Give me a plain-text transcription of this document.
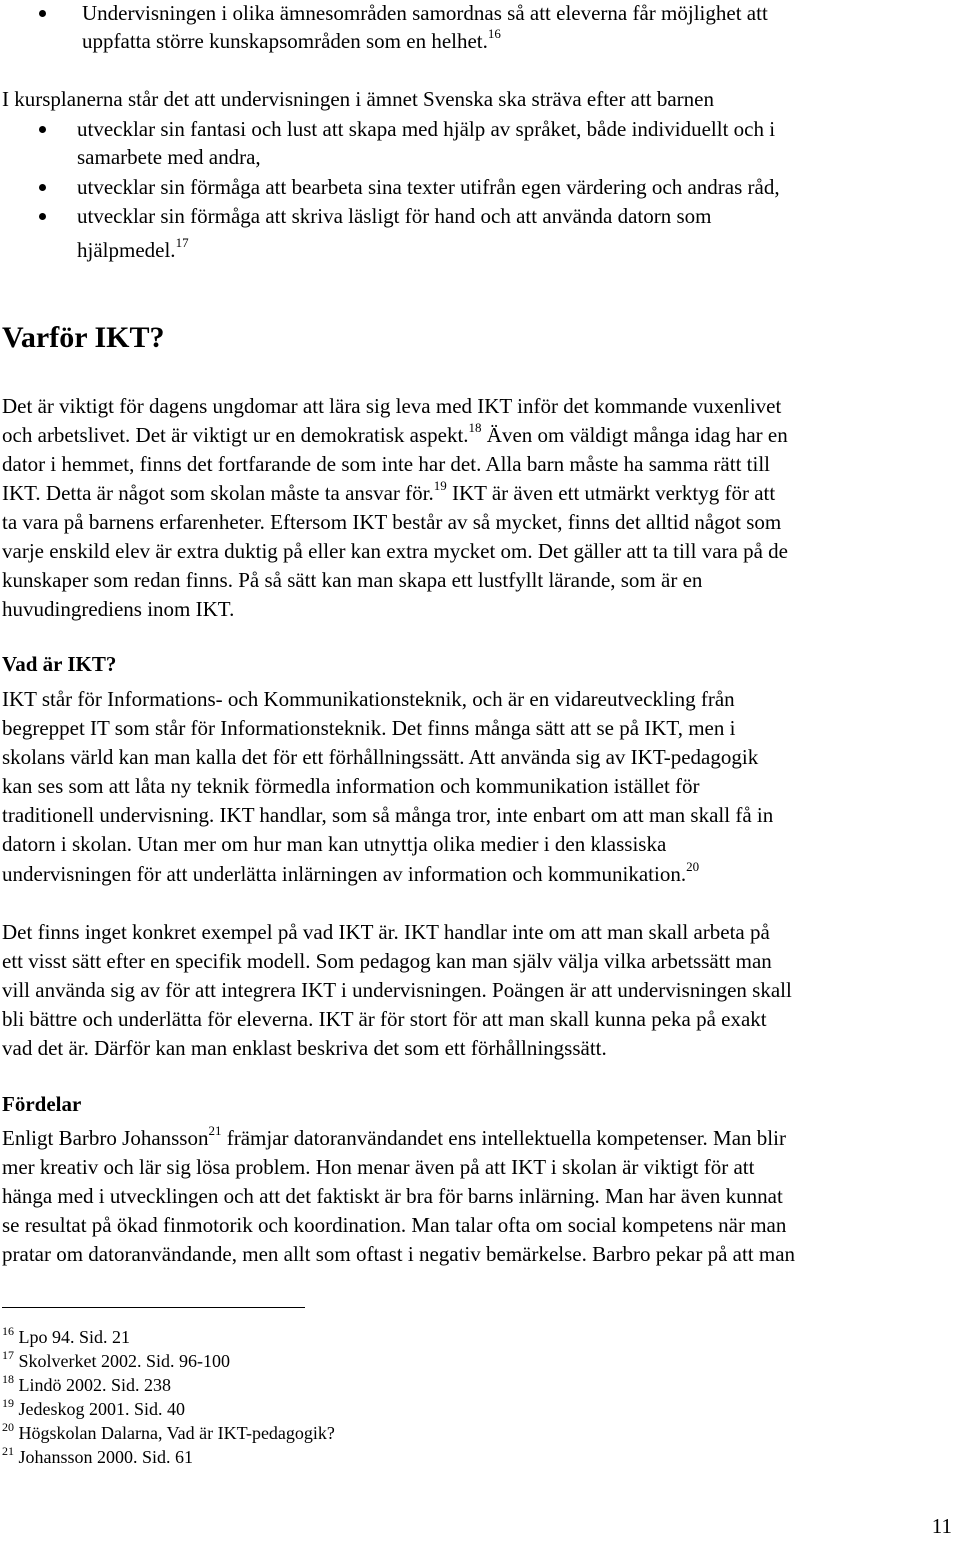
Undervisningen i olika ämnesområden samordnas så att eleverna får möjlighet att
uppfatta större kunskapsområden som en helhet.$^{16}$
I kursplanerna står det att undervisningen i ämnet Svenska ska sträva efter att barnen
utvecklar sin fantasi och lust att skapa med hjälp av språket, både individuellt och i
samarbete med andra,
utvecklar sin förmåga att bearbeta sina texter utifrån egen värdering och andras råd,
utvecklar sin förmåga att skriva läsligt för hand och att använda datorn som
hjälpmedel.$^{17}$
Varför IKT?
Det är viktigt för dagens ungdomar att lära sig leva med IKT inför det kommande vuxenlivet
och arbetslivet. Det är viktigt ur en demokratisk aspekt.$^{18}$ Även om väldigt många idag har en
dator i hemmet, finns det fortfarande de som inte har det. Alla barn måste ha samma rätt till
IKT. Detta är något som skolan måste ta ansvar för.$^{19}$ IKT är även ett utmärkt verktyg för att
ta vara på barnens erfarenheter. Eftersom IKT består av så mycket, finns det alltid något som
varje enskild elev är extra duktig på eller kan extra mycket om. Det gäller att ta till vara på de
kunskaper som redan finns. På så sätt kan man skapa ett lustfyllt lärande, som är en
huvudingrediens inom IKT.
Vad är IKT?
IKT står för Informations- och Kommunikationsteknik, och är en vidareutveckling från
begreppet IT som står för Informationsteknik. Det finns många sätt att se på IKT, men i
skolans värld kan man kalla det för ett förhållningssätt. Att använda sig av IKT-pedagogik
kan ses som att låta ny teknik förmedla information och kommunikation istället för
traditionell undervisning. IKT handlar, som så många tror, inte enbart om att man skall få in
datorn i skolan. Utan mer om hur man kan utnyttja olika medier i den klassiska
undervisningen för att underlätta inlärningen av information och kommunikation.$^{20}$
Det finns inget konkret exempel på vad IKT är. IKT handlar inte om att man skall arbeta på
ett visst sätt efter en specifik modell. Som pedagog kan man själv välja vilka arbetssätt man
vill använda sig av för att integrera IKT i undervisningen. Poängen är att undervisningen skall
bli bättre och underlätta för eleverna. IKT är för stort för att man skall kunna peka på exakt
vad det är. Därför kan man enklast beskriva det som ett förhållningssätt.
Fördelar
Enligt Barbro Johansson$^{21}$ främjar datoranvändandet ens intellektuella kompetenser. Man blir
mer kreativ och lär sig lösa problem. Hon menar även på att IKT i skolan är viktigt för att
hänga med i utvecklingen och att det faktiskt är bra för barns inlärning. Man har även kunnat
se resultat på ökad finmotorik och koordination. Man talar ofta om social kompetens när man
pratar om datoranvändande, men allt som oftast i negativ bemärkelse. Barbro pekar på att man
$^{16}$ Lpo 94. Sid. 21
$^{17}$ Skolverket 2002. Sid. 96-100
$^{18}$ Lindö 2002. Sid. 238
$^{19}$ Jedeskog 2001. Sid. 40
$^{20}$ Högskolan Dalarna, Vad är IKT-pedagogik?
$^{21}$ Johansson 2000. Sid. 61
11
